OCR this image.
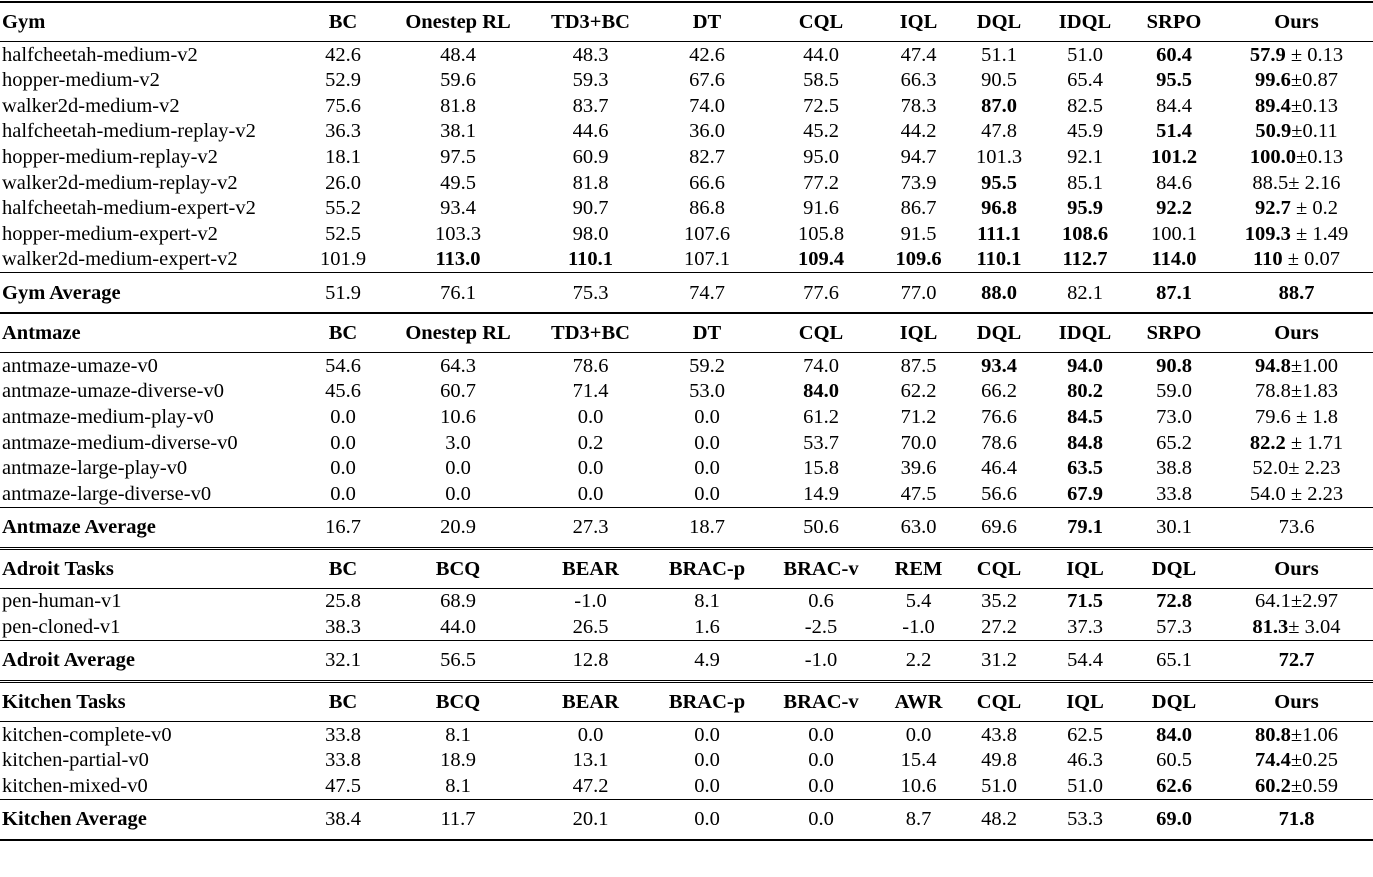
Gym	BC	Onestep RL	TD3+BC	DT	CQL	IQL	DQL	IDQL	SRPO	Ours
halfcheetah-medium-v2	42.6	48.4	48.3	42.6	44.0	47.4	51.1	51.0	60.4	57.9 ± 0.13
hopper-medium-v2	52.9	59.6	59.3	67.6	58.5	66.3	90.5	65.4	95.5	99.6±0.87
walker2d-medium-v2	75.6	81.8	83.7	74.0	72.5	78.3	87.0	82.5	84.4	89.4±0.13
halfcheetah-medium-replay-v2	36.3	38.1	44.6	36.0	45.2	44.2	47.8	45.9	51.4	50.9±0.11
hopper-medium-replay-v2	18.1	97.5	60.9	82.7	95.0	94.7	101.3	92.1	101.2	100.0±0.13
walker2d-medium-replay-v2	26.0	49.5	81.8	66.6	77.2	73.9	95.5	85.1	84.6	88.5± 2.16
halfcheetah-medium-expert-v2	55.2	93.4	90.7	86.8	91.6	86.7	96.8	95.9	92.2	92.7 ± 0.2
hopper-medium-expert-v2	52.5	103.3	98.0	107.6	105.8	91.5	111.1	108.6	100.1	109.3 ± 1.49
walker2d-medium-expert-v2	101.9	113.0	110.1	107.1	109.4	109.6	110.1	112.7	114.0	110 ± 0.07
Gym Average	51.9	76.1	75.3	74.7	77.6	77.0	88.0	82.1	87.1	88.7
Antmaze	BC	Onestep RL	TD3+BC	DT	CQL	IQL	DQL	IDQL	SRPO	Ours
antmaze-umaze-v0	54.6	64.3	78.6	59.2	74.0	87.5	93.4	94.0	90.8	94.8±1.00
antmaze-umaze-diverse-v0	45.6	60.7	71.4	53.0	84.0	62.2	66.2	80.2	59.0	78.8±1.83
antmaze-medium-play-v0	0.0	10.6	0.0	0.0	61.2	71.2	76.6	84.5	73.0	79.6 ± 1.8
antmaze-medium-diverse-v0	0.0	3.0	0.2	0.0	53.7	70.0	78.6	84.8	65.2	82.2 ± 1.71
antmaze-large-play-v0	0.0	0.0	0.0	0.0	15.8	39.6	46.4	63.5	38.8	52.0± 2.23
antmaze-large-diverse-v0	0.0	0.0	0.0	0.0	14.9	47.5	56.6	67.9	33.8	54.0 ± 2.23
Antmaze Average	16.7	20.9	27.3	18.7	50.6	63.0	69.6	79.1	30.1	73.6
Adroit Tasks	BC	BCQ	BEAR	BRAC-p	BRAC-v	REM	CQL	IQL	DQL	Ours
pen-human-v1	25.8	68.9	-1.0	8.1	0.6	5.4	35.2	71.5	72.8	64.1±2.97
pen-cloned-v1	38.3	44.0	26.5	1.6	-2.5	-1.0	27.2	37.3	57.3	81.3± 3.04
Adroit Average	32.1	56.5	12.8	4.9	-1.0	2.2	31.2	54.4	65.1	72.7
Kitchen Tasks	BC	BCQ	BEAR	BRAC-p	BRAC-v	AWR	CQL	IQL	DQL	Ours
kitchen-complete-v0	33.8	8.1	0.0	0.0	0.0	0.0	43.8	62.5	84.0	80.8±1.06
kitchen-partial-v0	33.8	18.9	13.1	0.0	0.0	15.4	49.8	46.3	60.5	74.4±0.25
kitchen-mixed-v0	47.5	8.1	47.2	0.0	0.0	10.6	51.0	51.0	62.6	60.2±0.59
Kitchen Average	38.4	11.7	20.1	0.0	0.0	8.7	48.2	53.3	69.0	71.8
